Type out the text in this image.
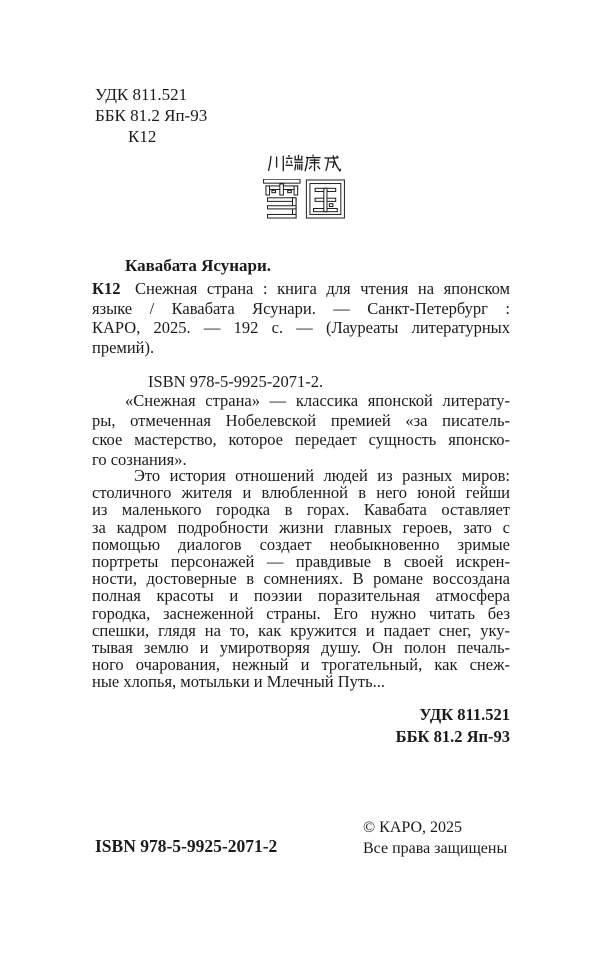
УДК 811.521
ББК 81.2 Яп-93
К12
Кавабата Ясунари.
К12 Снежная страна : книга для чтения на японском
языке / Кавабата Ясунари. — Санкт-Петербург :
КАРО, 2025. — 192 с. — (Лауреаты литературных
премий).
ISBN 978-5-9925-2071-2.
«Снежная страна» — классика японской литерату-
ры, отмеченная Нобелевской премией «за писатель-
ское мастерство, которое передает сущность японско-
го сознания».
Это история отношений людей из разных миров:
столичного жителя и влюбленной в него юной гейши
из маленького городка в горах. Кавабата оставляет
за кадром подробности жизни главных героев, зато с
помощью диалогов создает необыкновенно зримые
портреты персонажей — правдивые в своей искрен-
ности, достоверные в сомнениях. В романе воссоздана
полная красоты и поэзии поразительная атмосфера
городка, заснеженной страны. Его нужно читать без
спешки, глядя на то, как кружится и падает снег, уку-
тывая землю и умиротворяя душу. Он полон печаль-
ного очарования, нежный и трогательный, как снеж-
ные хлопья, мотыльки и Млечный Путь...
УДК 811.521
ББК 81.2 Яп-93
© КАРО, 2025
Все права защищены
ISBN 978-5-9925-2071-2
